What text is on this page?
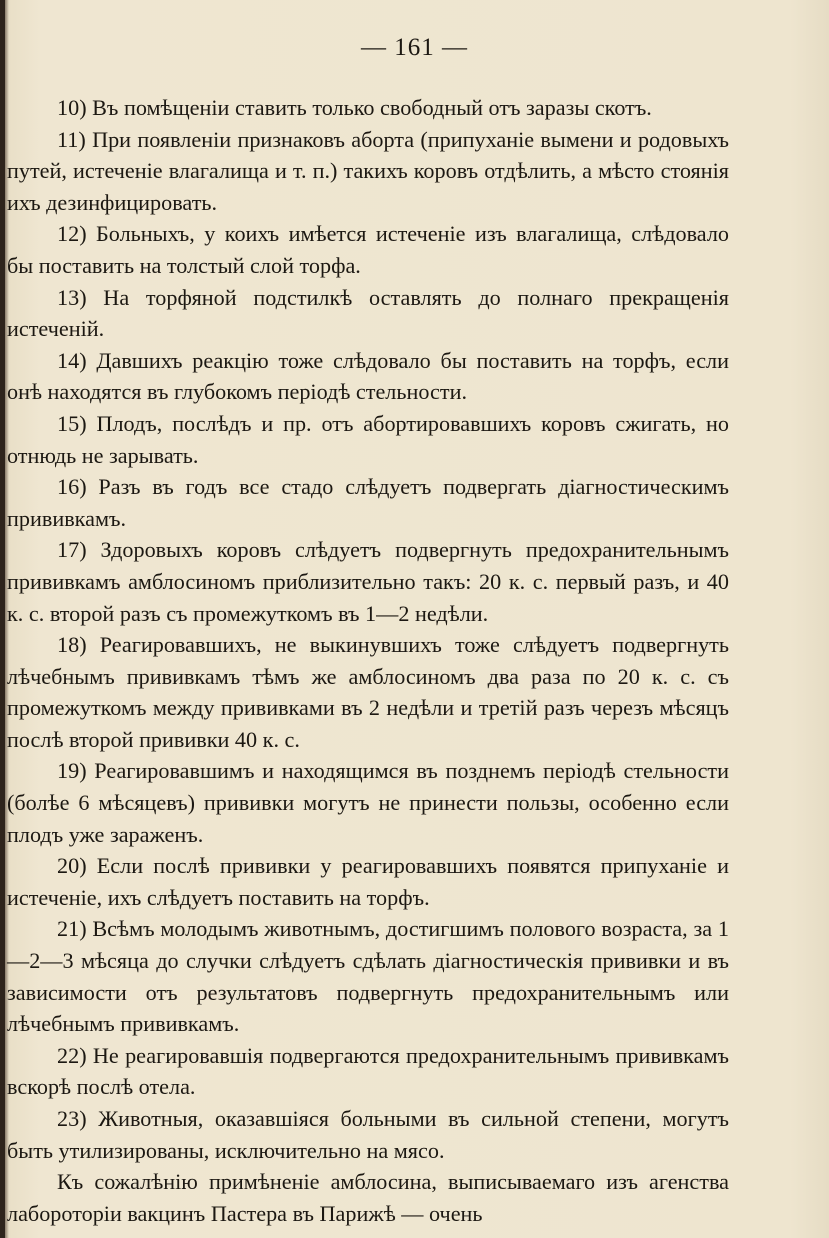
— 161 —

10) Въ помѣщеніи ставить только свободный отъ заразы скотъ.

11) При появленіи признаковъ аборта (припуханіе вымени и родовыхъ путей, истеченіе влагалища и т. п.) такихъ коровъ отдѣлить, а мѣсто стоянія ихъ дезинфицировать.

12) Больныхъ, у коихъ имѣется истеченіе изъ влагалища, слѣдовало бы поставить на толстый слой торфа.

13) На торфяной подстилкѣ оставлять до полнаго прекращенія истеченій.

14) Давшихъ реакцію тоже слѣдовало бы поставить на торфъ, если онѣ находятся въ глубокомъ періодѣ стельности.

15) Плодъ, послѣдъ и пр. отъ абортировавшихъ коровъ сжигать, но отнюдь не зарывать.

16) Разъ въ годъ все стадо слѣдуетъ подвергать діагностическимъ прививкамъ.

17) Здоровыхъ коровъ слѣдуетъ подвергнуть предохранительнымъ прививкамъ амблосиномъ приблизительно такъ: 20 к. с. первый разъ, и 40 к. с. второй разъ съ промежуткомъ въ 1—2 недѣли.

18) Реагировавшихъ, не выкинувшихъ тоже слѣдуетъ подвергнуть лѣчебнымъ прививкамъ тѣмъ же амблосиномъ два раза по 20 к. с. съ промежуткомъ между прививками въ 2 недѣли и третій разъ черезъ мѣсяцъ послѣ второй прививки 40 к. с.

19) Реагировавшимъ и находящимся въ позднемъ періодѣ стельности (болѣе 6 мѣсяцевъ) прививки могутъ не принести пользы, особенно если плодъ уже зараженъ.

20) Если послѣ прививки у реагировавшихъ появятся припуханіе и истеченіе, ихъ слѣдуетъ поставить на торфъ.

21) Всѣмъ молодымъ животнымъ, достигшимъ полового возраста, за 1—2—3 мѣсяца до случки слѣдуетъ сдѣлать діагностическія прививки и въ зависимости отъ результатовъ подвергнуть предохранительнымъ или лѣчебнымъ прививкамъ.

22) Не реагировавшія подвергаются предохранительнымъ прививкамъ вскорѣ послѣ отела.

23) Животныя, оказавшіяся больными въ сильной степени, могутъ быть утилизированы, исключительно на мясо.

Къ сожалѣнію примѣненіе амблосина, выписываемаго изъ агенства лабороторіи вакцинъ Пастера въ Парижѣ — очень
